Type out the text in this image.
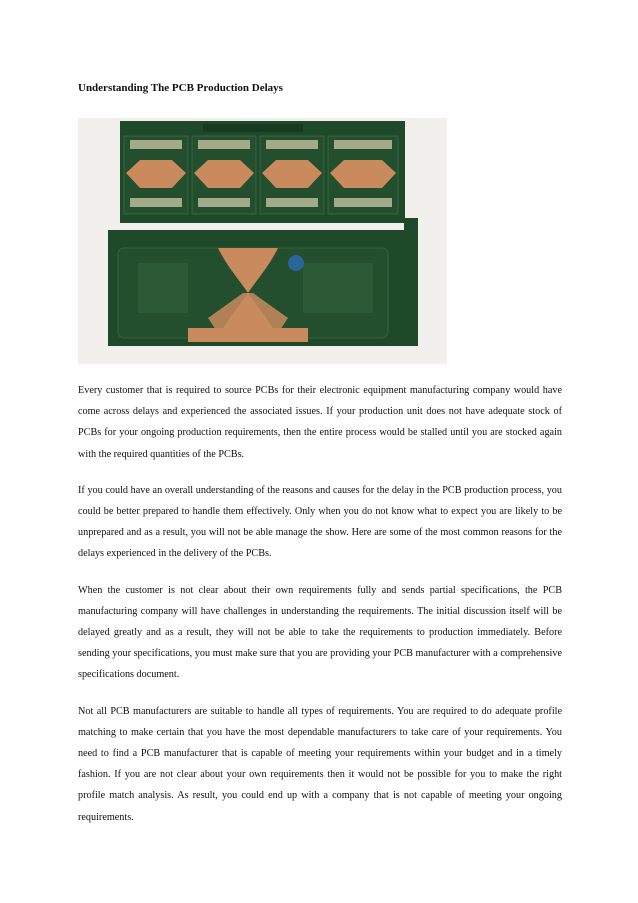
Understanding The PCB Production Delays

Every customer that is required to source PCBs for their electronic equipment manufacturing company would have come across delays and experienced the associated issues. If your production unit does not have adequate stock of PCBs for your ongoing production requirements, then the entire process would be stalled until you are stocked again with the required quantities of the PCBs.

If you could have an overall understanding of the reasons and causes for the delay in the PCB production process, you could be better prepared to handle them effectively. Only when you do not know what to expect you are likely to be unprepared and as a result, you will not be able manage the show. Here are some of the most common reasons for the delays experienced in the delivery of the PCBs.

When the customer is not clear about their own requirements fully and sends partial specifications, the PCB manufacturing company will have challenges in understanding the requirements. The initial discussion itself will be delayed greatly and as a result, they will not be able to take the requirements to production immediately. Before sending your specifications, you must make sure that you are providing your PCB manufacturer with a comprehensive specifications document.

Not all PCB manufacturers are suitable to handle all types of requirements. You are required to do adequate profile matching to make certain that you have the most dependable manufacturers to take care of your requirements. You need to find a PCB manufacturer that is capable of meeting your requirements within your budget and in a timely fashion. If you are not clear about your own requirements then it would not be possible for you to make the right profile match analysis. As result, you could end up with a company that is not capable of meeting your ongoing requirements.
